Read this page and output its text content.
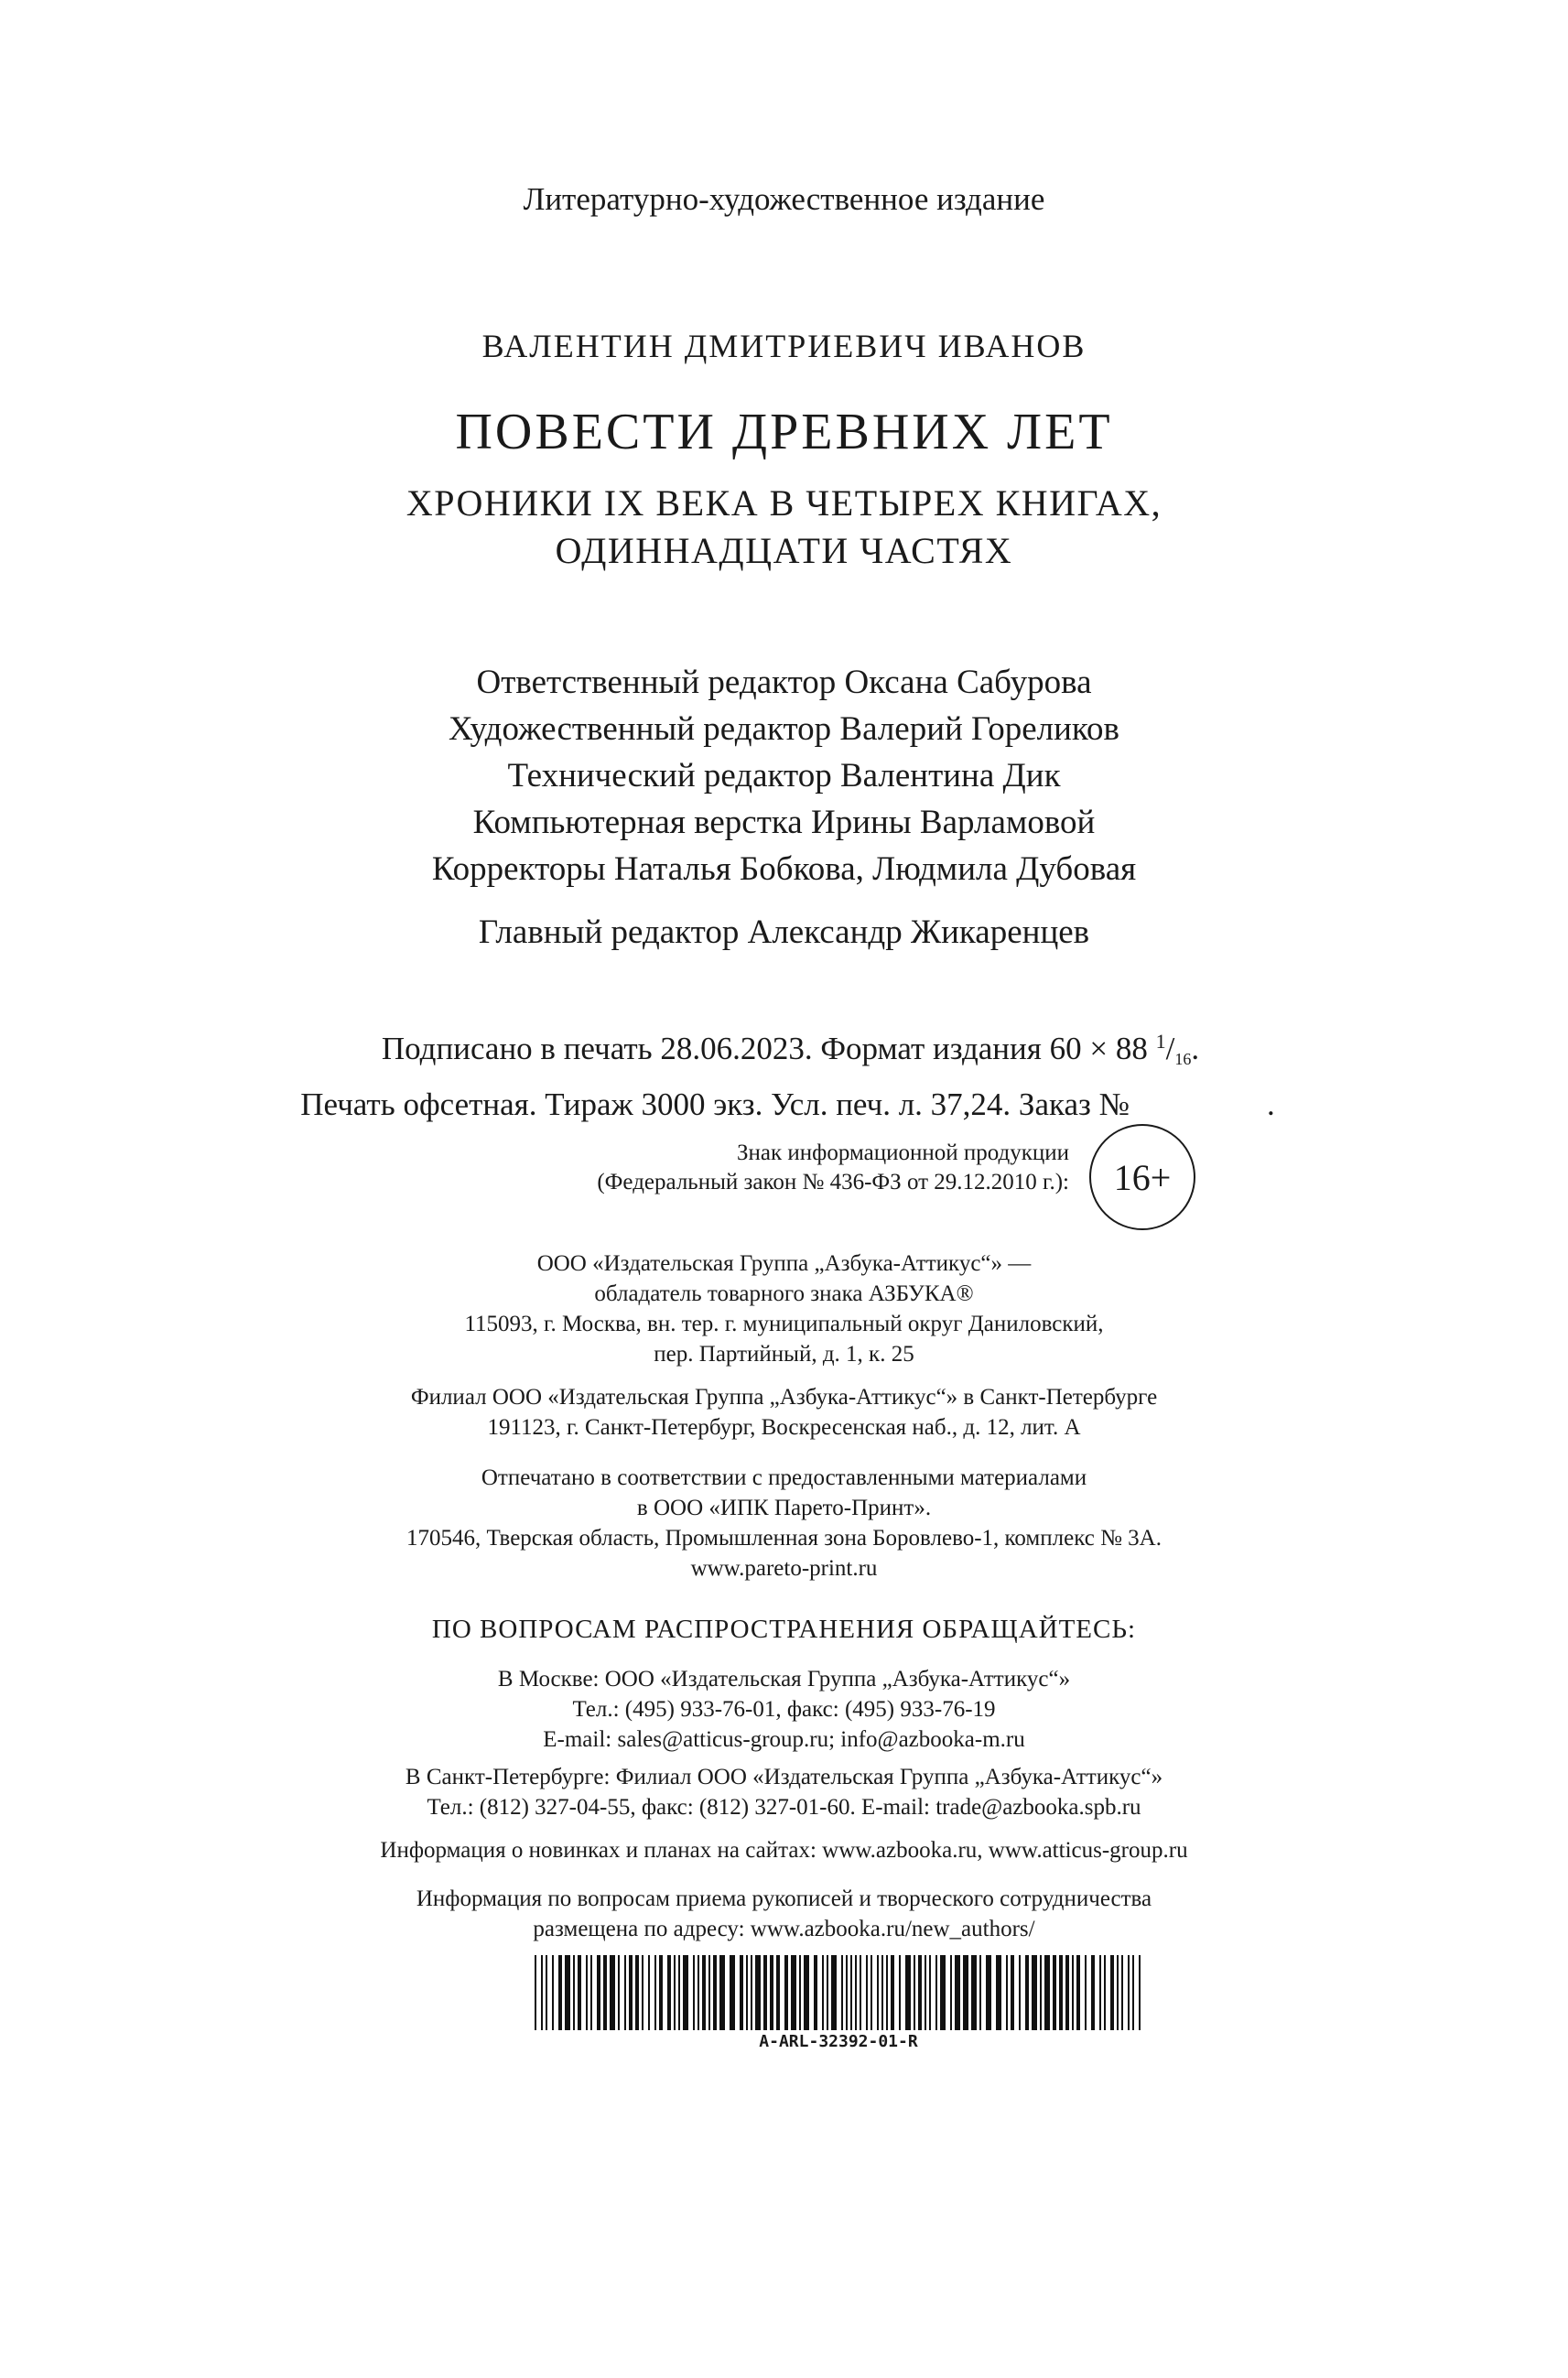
Литературно-художественное издание
ВАЛЕНТИН ДМИТРИЕВИЧ ИВАНОВ
ПОВЕСТИ ДРЕВНИХ ЛЕТ
ХРОНИКИ IX ВЕКА В ЧЕТЫРЕХ КНИГАХ,
ОДИННАДЦАТИ ЧАСТЯХ
Ответственный редактор Оксана Сабурова
Художественный редактор Валерий Гореликов
Технический редактор Валентина Дик
Компьютерная верстка Ирины Варламовой
Корректоры Наталья Бобкова, Людмила Дубовая
Главный редактор Александр Жикаренцев
Подписано в печать 28.06.2023. Формат издания 60 × 88 $^1$/16.
Печать офсетная. Тираж 3000 экз. Усл. печ. л. 37,24. Заказ №	.
Знак информационной продукции
(Федеральный закон № 436-ФЗ от 29.12.2010 г.):	16+
ООО «Издательская Группа „Азбука-Аттикус“» —
обладатель товарного знака АЗБУКА®
115093, г. Москва, вн. тер. г. муниципальный округ Даниловский,
пер. Партийный, д. 1, к. 25
Филиал ООО «Издательская Группа „Азбука-Аттикус“» в Санкт-Петербурге
191123, г. Санкт-Петербург, Воскресенская наб., д. 12, лит. А
Отпечатано в соответствии с предоставленными материалами
в ООО «ИПК Парето-Принт».
170546, Тверская область, Промышленная зона Боровлево-1, комплекс № 3А.
www.pareto-print.ru
ПО ВОПРОСАМ РАСПРОСТРАНЕНИЯ ОБРАЩАЙТЕСЬ:
В Москве: ООО «Издательская Группа „Азбука-Аттикус“»
Тел.: (495) 933-76-01, факс: (495) 933-76-19
E-mail: sales@atticus-group.ru; info@azbooka-m.ru
В Санкт-Петербурге: Филиал ООО «Издательская Группа „Азбука-Аттикус“»
Тел.: (812) 327-04-55, факс: (812) 327-01-60. E-mail: trade@azbooka.spb.ru
Информация о новинках и планах на сайтах: www.azbooka.ru, www.atticus-group.ru
Информация по вопросам приема рукописей и творческого сотрудничества
размещена по адресу: www.azbooka.ru/new_authors/
A-ARL-32392-01-R
